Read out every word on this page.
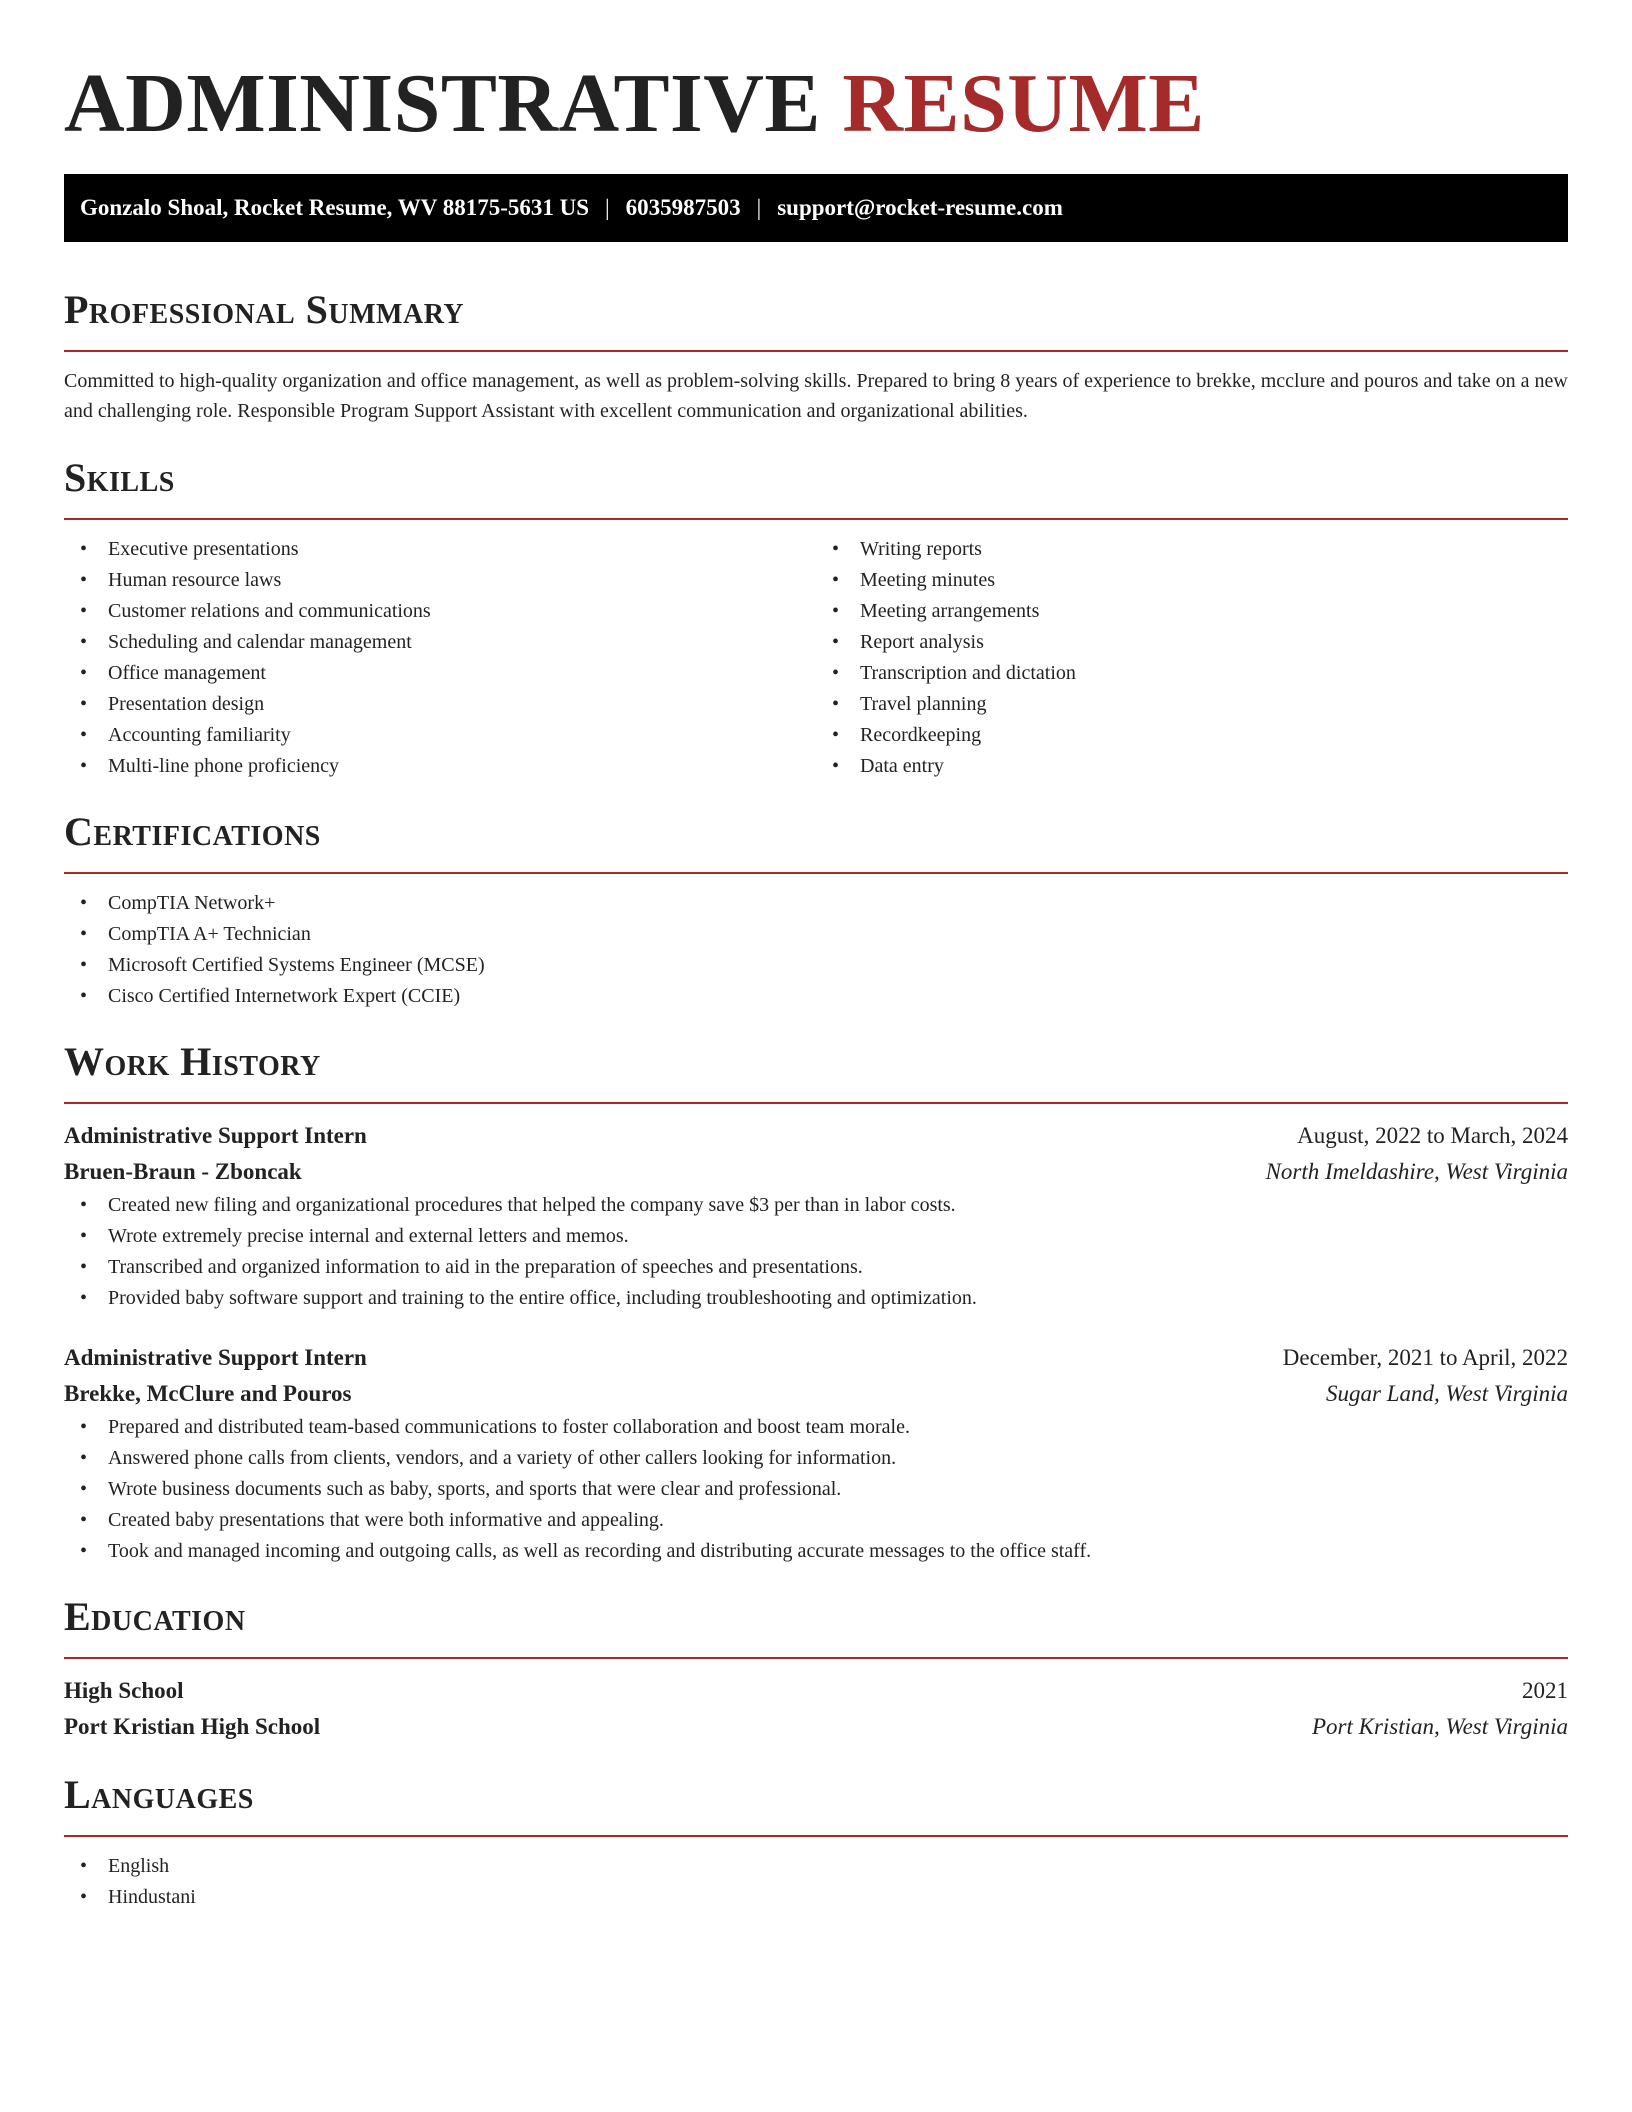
ADMINISTRATIVE RESUME
Gonzalo Shoal, Rocket Resume, WV 88175-5631 US | 6035987503 | support@rocket-resume.com
Professional Summary

Committed to high-quality organization and office management, as well as problem-solving skills. Prepared to bring 8 years of experience to brekke, mcclure and pouros and take on a new and challenging role. Responsible Program Support Assistant with excellent communication and organizational abilities.

Skills
• Executive presentations
• Human resource laws
• Customer relations and communications
• Scheduling and calendar management
• Office management
• Presentation design
• Accounting familiarity
• Multi-line phone proficiency
• Writing reports
• Meeting minutes
• Meeting arrangements
• Report analysis
• Transcription and dictation
• Travel planning
• Recordkeeping
• Data entry
Certifications
• CompTIA Network+
• CompTIA A+ Technician
• Microsoft Certified Systems Engineer (MCSE)
• Cisco Certified Internetwork Expert (CCIE)
Work History
Administrative Support Intern	August, 2022 to March, 2024
Bruen-Braun - Zboncak	North Imeldashire, West Virginia
• Created new filing and organizational procedures that helped the company save $3 per than in labor costs.
• Wrote extremely precise internal and external letters and memos.
• Transcribed and organized information to aid in the preparation of speeches and presentations.
• Provided baby software support and training to the entire office, including troubleshooting and optimization.
Administrative Support Intern	December, 2021 to April, 2022
Brekke, McClure and Pouros	Sugar Land, West Virginia
• Prepared and distributed team-based communications to foster collaboration and boost team morale.
• Answered phone calls from clients, vendors, and a variety of other callers looking for information.
• Wrote business documents such as baby, sports, and sports that were clear and professional.
• Created baby presentations that were both informative and appealing.
• Took and managed incoming and outgoing calls, as well as recording and distributing accurate messages to the office staff.
Education
High School	2021
Port Kristian High School	Port Kristian, West Virginia
Languages
• English
• Hindustani
